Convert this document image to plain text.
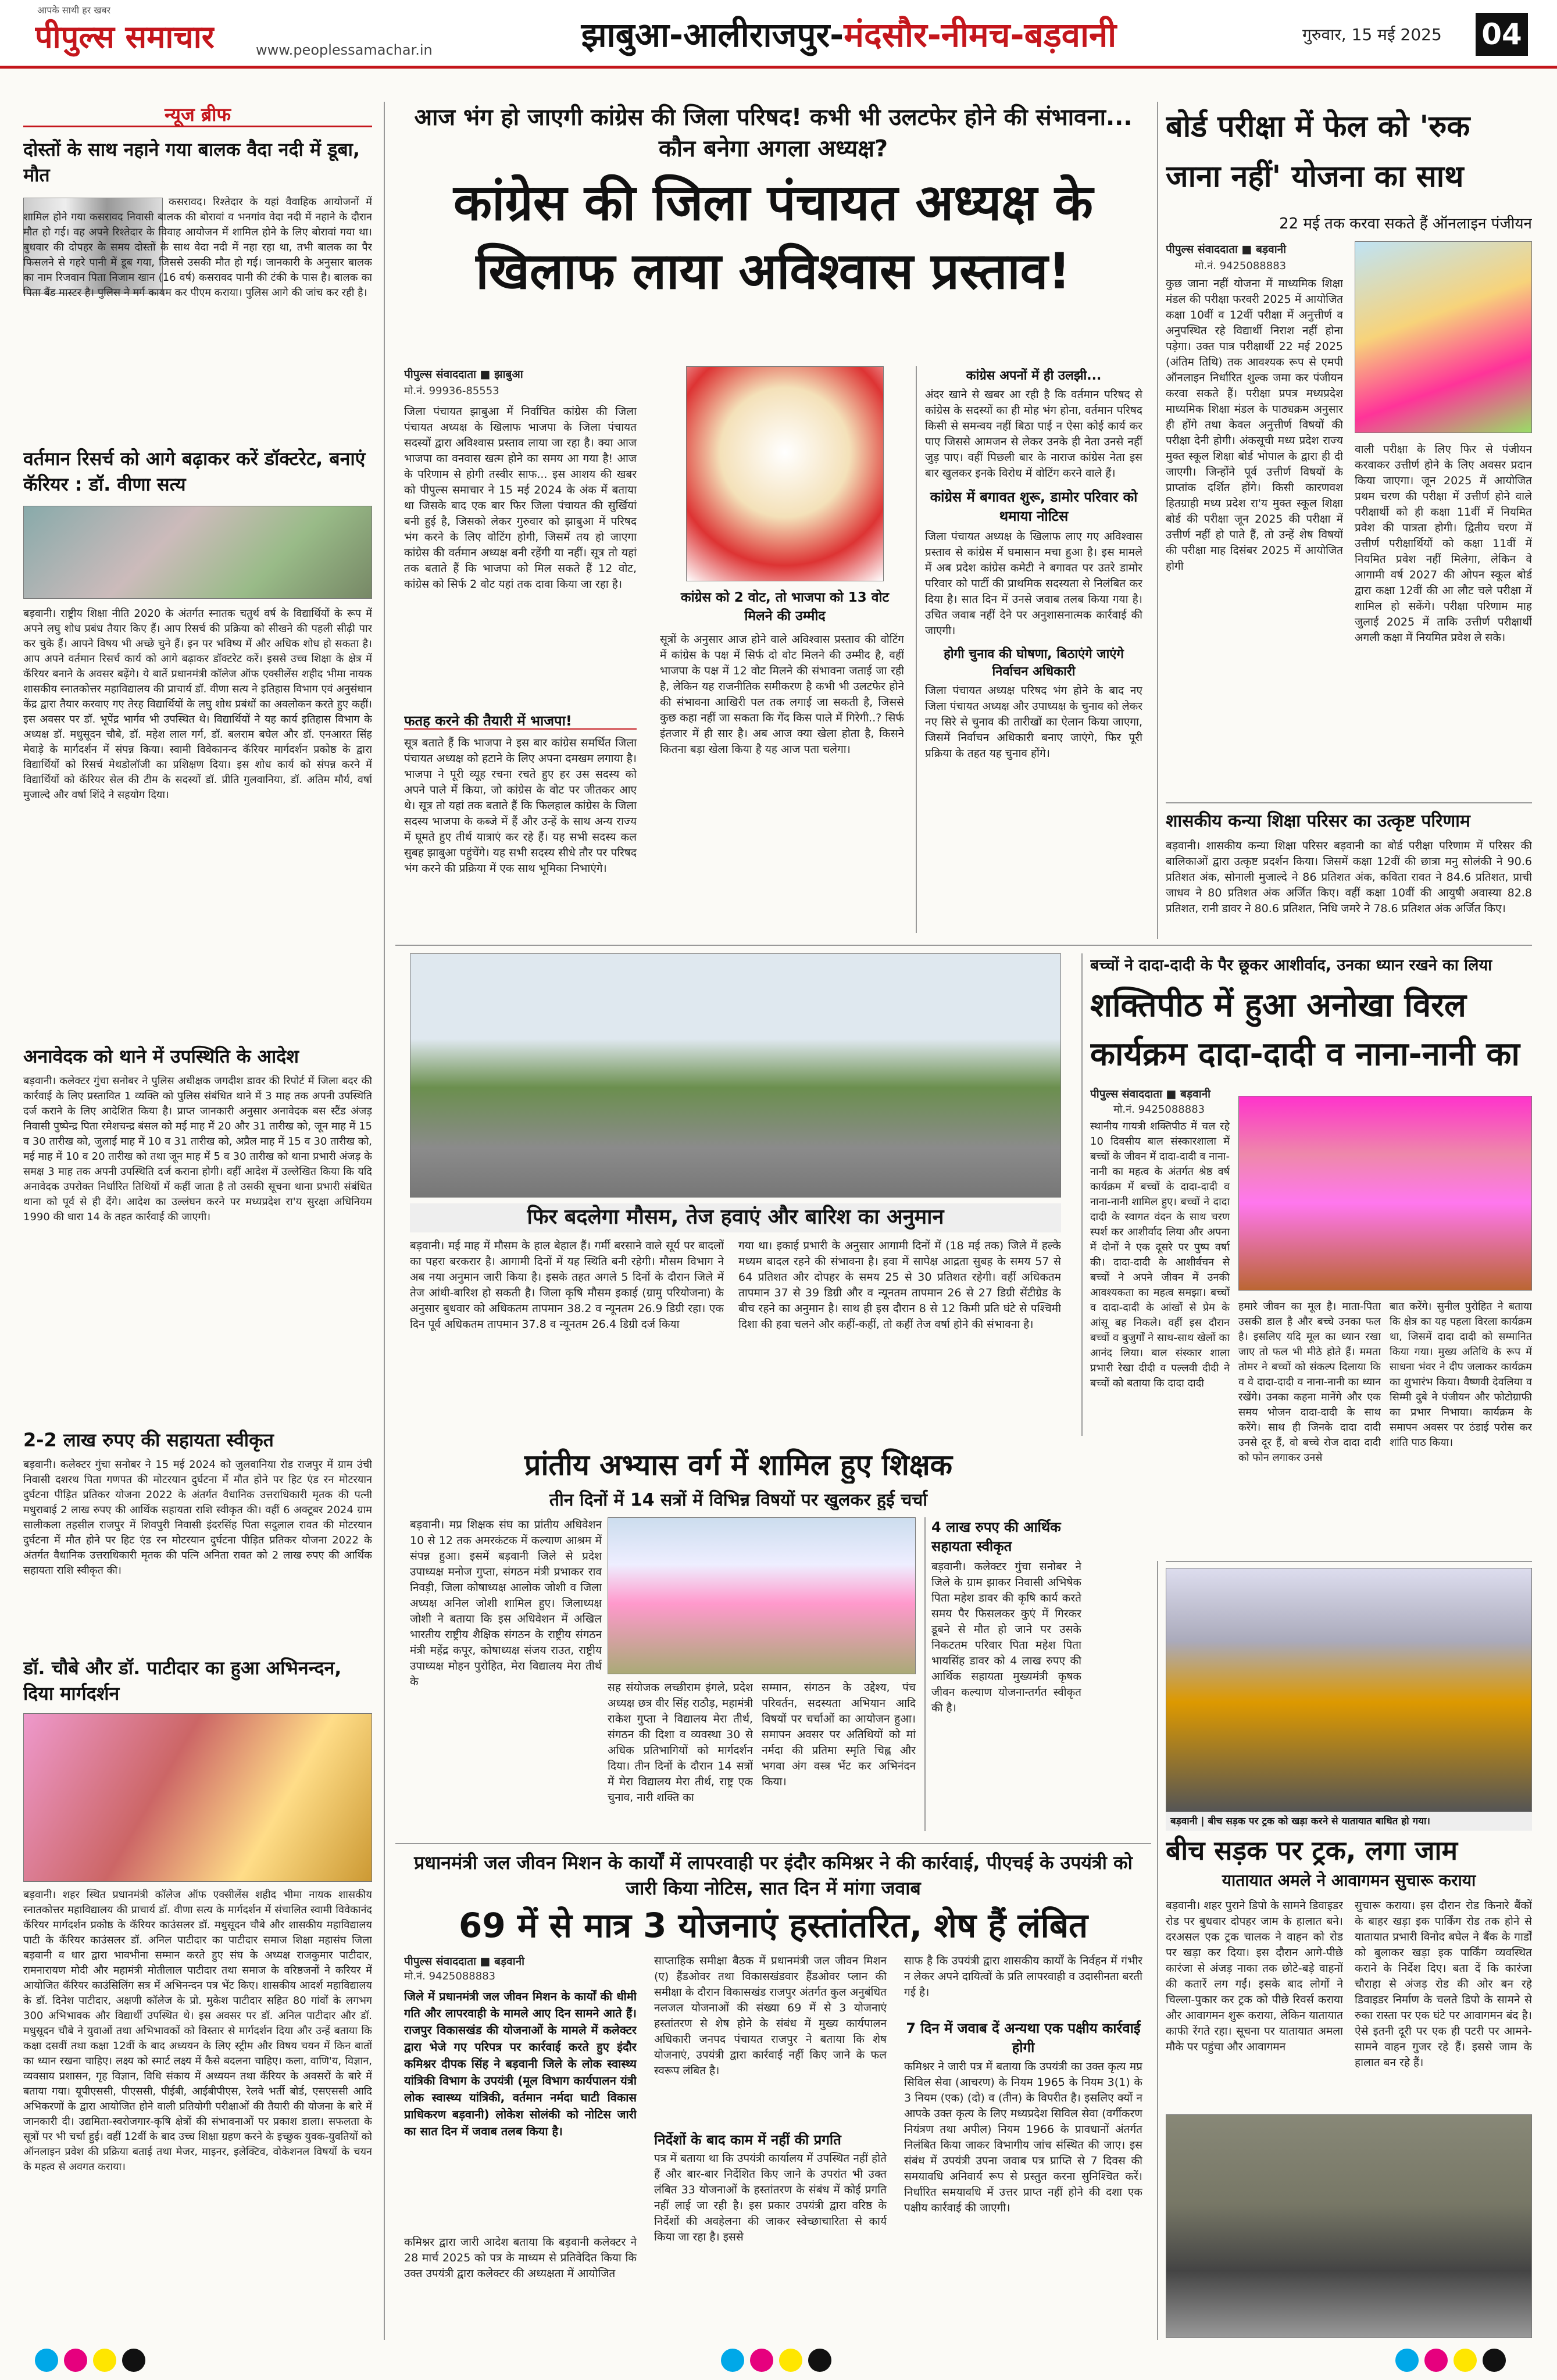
आपके साथी हर खबर
पीपुल्स समाचार	www.peoplessamachar.in	झाबुआ-आलीराजपुर-मंदसौर-नीमच-बड़वानी	गुरुवार, 15 मई 2025 04
न्यूज ब्रीफ
दोस्तों के साथ नहाने गया बालक वैदा नदी में डूबा, मौत
कसरावद। रिश्तेदार के यहां वैवाहिक आयोजनों में शामिल होने गया कसरावद निवासी बालक की बोरावां व भनगांव वेदा नदी में नहाने के दौरान मौत हो गई। वह अपने रिश्तेदार के विवाह आयोजन में शामिल होने के लिए बोरावां गया था। बुधवार की दोपहर के समय दोस्तों के साथ वेदा नदी में नहा रहा था, तभी बालक का पैर फिसलने से गहरे पानी में डूब गया, जिससे उसकी मौत हो गई। जानकारी के अनुसार बालक का नाम रिजवान पिता निजाम खान (16 वर्ष) कसरावद पानी की टंकी के पास है। बालक का पिता बैंड मास्टर है। पुलिस ने मर्ग कायम कर पीएम कराया। पुलिस आगे की जांच कर रही है।
वर्तमान रिसर्च को आगे बढ़ाकर करें डॉक्टरेट, बनाएं कॅरियर : डॉ. वीणा सत्य
बड़वानी। राष्ट्रीय शिक्षा नीति 2020 के अंतर्गत स्नातक चतुर्थ वर्ष के विद्यार्थियों के रूप में अपने लघु शोध प्रबंध तैयार किए हैं। आप रिसर्च की प्रक्रिया को सीखने की पहली सीढ़ी पार कर चुके हैं। आपने विषय भी अच्छे चुने हैं। इन पर भविष्य में और अधिक शोध हो सकता है। आप अपने वर्तमान रिसर्च कार्य को आगे बढ़ाकर डॉक्टरेट करें। इससे उच्च शिक्षा के क्षेत्र में कॅरियर बनाने के अवसर बढ़ेंगे। ये बातें प्रधानमंत्री कॉलेज ऑफ एक्सीलेंस शहीद भीमा नायक शासकीय स्नातकोत्तर महाविद्यालय की प्राचार्य डॉ. वीणा सत्य ने इतिहास विभाग एवं अनुसंधान केंद्र द्वारा तैयार करवाए गए तेरह विद्यार्थियों के लघु शोध प्रबंधों का अवलोकन करते हुए कहीं। इस अवसर पर डॉ. भूपेंद्र भार्गव भी उपस्थित थे। विद्यार्थियों ने यह कार्य इतिहास विभाग के अध्यक्ष डॉ. मधुसूदन चौबे, डॉ. महेश लाल गर्ग, डॉ. बलराम बघेल और डॉ. एनआरत सिंह मेवाड़े के मार्गदर्शन में संपन्न किया। स्वामी विवेकानन्द कॅरियर मार्गदर्शन प्रकोष्ठ के द्वारा विद्यार्थियों को रिसर्च मेथडोलॉजी का प्रशिक्षण दिया। इस शोध कार्य को संपन्न करने में विद्यार्थियों को कॅरियर सेल की टीम के सदस्यों डॉ. प्रीति गुलवानिया, डॉ. अतिम मौर्य, वर्षा मुजाल्दे और वर्षा शिंदे ने सहयोग दिया।
अनावेदक को थाने में उपस्थिति के आदेश
बड़वानी। कलेक्टर गुंचा सनोबर ने पुलिस अधीक्षक जगदीश डावर की रिपोर्ट में जिला बदर की कार्रवाई के लिए प्रस्तावित 1 व्यक्ति को पुलिस संबंधित थाने में 3 माह तक अपनी उपस्थिति दर्ज कराने के लिए आदेशित किया है। प्राप्त जानकारी अनुसार अनावेदक बस स्टैंड अंजड़ निवासी पुष्पेन्द्र पिता रमेशचन्द्र बंसल को मई माह में 20 और 31 तारीख को, जून माह में 15 व 30 तारीख को, जुलाई माह में 10 व 31 तारीख को, अप्रैल माह में 15 व 30 तारीख को, मई माह में 10 व 20 तारीख को तथा जून माह में 5 व 30 तारीख को थाना प्रभारी अंजड़ के समक्ष 3 माह तक अपनी उपस्थिति दर्ज कराना होगी। वहीं आदेश में उल्लेखित किया कि यदि अनावेदक उपरोक्त निर्धारित तिथियों में कहीं जाता है तो उसकी सूचना थाना प्रभारी संबंधित थाना को पूर्व से ही देंगे। आदेश का उल्लंघन करने पर मध्यप्रदेश रा'य सुरक्षा अधिनियम 1990 की धारा 14 के तहत कार्रवाई की जाएगी।
2-2 लाख रुपए की सहायता स्वीकृत
बड़वानी। कलेक्टर गुंचा सनोबर ने 15 मई 2024 को जुलवानिया रोड राजपुर में ग्राम उंची निवासी दशरथ पिता गणपत की मोटरयान दुर्घटना में मौत होने पर हिट एंड रन मोटरयान दुर्घटना पीड़ित प्रतिकर योजना 2022 के अंतर्गत वैधानिक उत्तराधिकारी मृतक की पत्नी मधुराबाई 2 लाख रुपए की आर्थिक सहायता राशि स्वीकृत की। वहीं 6 अक्टूबर 2024 ग्राम सालीकला तहसील राजपुर में शिवपुरी निवासी इंदरसिंह पिता सदुलाल रावत की मोटरयान दुर्घटना में मौत होने पर हिट एंड रन मोटरयान दुर्घटना पीड़ित प्रतिकर योजना 2022 के अंतर्गत वैधानिक उत्तराधिकारी मृतक की पत्नि अनिता रावत को 2 लाख रुपए की आर्थिक सहायता राशि स्वीकृत की।
डॉ. चौबे और डॉ. पाटीदार का हुआ अभिनन्दन, दिया मार्गदर्शन
बड़वानी। शहर स्थित प्रधानमंत्री कॉलेज ऑफ एक्सीलेंस शहीद भीमा नायक शासकीय स्नातकोत्तर महाविद्यालय की प्राचार्य डॉ. वीणा सत्य के मार्गदर्शन में संचालित स्वामी विवेकानंद कॅरियर मार्गदर्शन प्रकोष्ठ के कॅरियर काउंसलर डॉ. मधुसूदन चौबे और शासकीय महाविद्यालय पाटी के कॅरियर काउंसलर डॉ. अनिल पाटीदार का पाटीदार समाज शिक्षा महासंघ जिला बड़वानी व धार द्वारा भावभीना सम्मान करते हुए संघ के अध्यक्ष राजकुमार पाटीदार, रामनारायण मोदी और महामंत्री मोतीलाल पाटीदार तथा समाज के वरिष्ठजनों ने करियर में आयोजित कॅरियर काउंसिलिंग सत्र में अभिनन्दन पत्र भेंट किए। शासकीय आदर्श महाविद्यालय के डॉ. दिनेश पाटीदार, अक्षणी कॉलेज के प्रो. मुकेश पाटीदार सहित 80 गांवों के लगभग 300 अभिभावक और विद्यार्थी उपस्थित थे। इस अवसर पर डॉ. अनिल पाटीदार और डॉ. मधुसूदन चौबे ने युवाओं तथा अभिभावकों को विस्तार से मार्गदर्शन दिया और उन्हें बताया कि कक्षा दसवीं तथा कक्षा 12वीं के बाद अध्ययन के लिए स्ट्रीम और विषय चयन में किन बातों का ध्यान रखना चाहिए। लक्ष्य को स्मार्ट लक्ष्य में कैसे बदलना चाहिए। कला, वाणि'य, विज्ञान, व्यवसाय प्रशासन, गृह विज्ञान, विधि संकाय में अध्ययन तथा कॅरियर के अवसरों के बारे में बताया गया। यूपीएससी, पीएससी, पीईबी, आईबीपीएस, रेलवे भर्ती बोर्ड, एसएससी आदि अभिकरणों के द्वारा आयोजित होने वाली प्रतियोगी परीक्षाओं की तैयारी की योजना के बारे में जानकारी दी। उद्यमिता-स्वरोजगार-कृषि क्षेत्रों की संभावनाओं पर प्रकाश डाला। सफलता के सूत्रों पर भी चर्चा हुई। वहीं 12वीं के बाद उच्च शिक्षा ग्रहण करने के इच्छुक युवक-युवतियों को ऑनलाइन प्रवेश की प्रक्रिया बताई तथा मेजर, माइनर, इलेक्टिव, वोकेशनल विषयों के चयन के महत्व से अवगत कराया।
आज भंग हो जाएगी कांग्रेस की जिला परिषद! कभी भी उलटफेर होने की संभावना... कौन बनेगा अगला अध्यक्ष?
कांग्रेस की जिला पंचायत अध्यक्ष के खिलाफ लाया अविश्वास प्रस्ताव!
पीपुल्स संवाददाता ■ झाबुआ
मो.नं. 99936-85553
जिला पंचायत झाबुआ में निर्वाचित कांग्रेस की जिला पंचायत अध्यक्ष के खिलाफ भाजपा के जिला पंचायत सदस्यों द्वारा अविश्वास प्रस्ताव लाया जा रहा है। क्या आज भाजपा का वनवास खत्म होने का समय आ गया है! आज के परिणाम से होगी तस्वीर साफ... इस आशय की खबर को पीपुल्स समाचार ने 15 मई 2024 के अंक में बताया था जिसके बाद एक बार फिर जिला पंचायत की सुर्खियां बनी हुई है, जिसको लेकर गुरुवार को झाबुआ में परिषद भंग करने के लिए वोटिंग होगी, जिसमें तय हो जाएगा कांग्रेस की वर्तमान अध्यक्ष बनी रहेंगी या नहीं। सूत्र तो यहां तक बताते हैं कि भाजपा को मिल सकते हैं 12 वोट, कांग्रेस को सिर्फ 2 वोट यहां तक दावा किया जा रहा है।
फतह करने की तैयारी में भाजपा!
सूत्र बताते हैं कि भाजपा ने इस बार कांग्रेस समर्थित जिला पंचायत अध्यक्ष को हटाने के लिए अपना दमखम लगाया है। भाजपा ने पूरी व्यूह रचना रचते हुए हर उस सदस्य को अपने पाले में किया, जो कांग्रेस के वोट पर जीतकर आए थे। सूत्र तो यहां तक बताते हैं कि फिलहाल कांग्रेस के जिला सदस्य भाजपा के कब्जे में हैं और उन्हें के साथ अन्य राज्य में घूमते हुए तीर्थ यात्राएं कर रहे हैं। यह सभी सदस्य कल सुबह झाबुआ पहुंचेंगे। यह सभी सदस्य सीधे तौर पर परिषद भंग करने की प्रक्रिया में एक साथ भूमिका निभाएंगे।
कांग्रेस को 2 वोट, तो भाजपा को 13 वोट मिलने की उम्मीद
सूत्रों के अनुसार आज होने वाले अविश्वास प्रस्ताव की वोटिंग में कांग्रेस के पक्ष में सिर्फ दो वोट मिलने की उम्मीद है, वहीं भाजपा के पक्ष में 12 वोट मिलने की संभावना जताई जा रही है, लेकिन यह राजनीतिक समीकरण है कभी भी उलटफेर होने की संभावना आखिरी पल तक लगाई जा सकती है, जिससे कुछ कहा नहीं जा सकता कि गेंद किस पाले में गिरेगी..? सिर्फ इंतजार में ही सार है। अब आज क्या खेला होता है, किसने कितना बड़ा खेला किया है यह आज पता चलेगा।
कांग्रेस अपनों में ही उलझी...
अंदर खाने से खबर आ रही है कि वर्तमान परिषद से कांग्रेस के सदस्यों का ही मोह भंग होना, वर्तमान परिषद किसी से समन्वय नहीं बिठा पाई न ऐसा कोई कार्य कर पाए जिससे आमजन से लेकर उनके ही नेता उनसे नहीं जुड़ पाए। वहीं पिछली बार के नाराज कांग्रेस नेता इस बार खुलकर इनके विरोध में वोटिंग करने वाले हैं।
कांग्रेस में बगावत शुरू, डामोर परिवार को थमाया नोटिस
जिला पंचायत अध्यक्ष के खिलाफ लाए गए अविश्वास प्रस्ताव से कांग्रेस में घमासान मचा हुआ है। इस मामले में अब प्रदेश कांग्रेस कमेटी ने बगावत पर उतरे डामोर परिवार को पार्टी की प्राथमिक सदस्यता से निलंबित कर दिया है। सात दिन में उनसे जवाब तलब किया गया है। उचित जवाब नहीं देने पर अनुशासनात्मक कार्रवाई की जाएगी।
होगी चुनाव की घोषणा, बिठाएंगे जाएंगे निर्वाचन अधिकारी
जिला पंचायत अध्यक्ष परिषद भंग होने के बाद नए जिला पंचायत अध्यक्ष और उपाध्यक्ष के चुनाव को लेकर नए सिरे से चुनाव की तारीखों का ऐलान किया जाएगा, जिसमें निर्वाचन अधिकारी बनाए जाएंगे, फिर पूरी प्रक्रिया के तहत यह चुनाव होंगे।
बोर्ड परीक्षा में फेल को 'रुक जाना नहीं' योजना का साथ
22 मई तक करवा सकते हैं ऑनलाइन पंजीयन
पीपुल्स संवाददाता ■ बड़वानी
मो.नं. 9425088883
कुछ जाना नहीं योजना में माध्यमिक शिक्षा मंडल की परीक्षा फरवरी 2025 में आयोजित कक्षा 10वीं व 12वीं परीक्षा में अनुत्तीर्ण व अनुपस्थित रहे विद्यार्थी निराश नहीं होना पड़ेगा। उक्त पात्र परीक्षार्थी 22 मई 2025 (अंतिम तिथि) तक आवश्यक रूप से एमपी ऑनलाइन निर्धारित शुल्क जमा कर पंजीयन करवा सकते हैं। परीक्षा प्रपत्र मध्यप्रदेश माध्यमिक शिक्षा मंडल के पाठ्यक्रम अनुसार ही होंगे तथा केवल अनुत्तीर्ण विषयों की परीक्षा देनी होगी। अंकसूची मध्य प्रदेश राज्य मुक्त स्कूल शिक्षा बोर्ड भोपाल के द्वारा ही दी जाएगी। जिन्होंने पूर्व उत्तीर्ण विषयों के प्राप्तांक दर्शित होंगे। किसी कारणवश हितग्राही मध्य प्रदेश रा'य मुक्त स्कूल शिक्षा बोर्ड की परीक्षा जून 2025 की परीक्षा में उत्तीर्ण नहीं हो पाते हैं, तो उन्हें शेष विषयों की परीक्षा माह दिसंबर 2025 में आयोजित होगी
वाली परीक्षा के लिए फिर से पंजीयन करवाकर उत्तीर्ण होने के लिए अवसर प्रदान किया जाएगा। जून 2025 में आयोजित प्रथम चरण की परीक्षा में उत्तीर्ण होने वाले परीक्षार्थी को ही कक्षा 11वीं में नियमित प्रवेश की पात्रता होगी। द्वितीय चरण में उत्तीर्ण परीक्षार्थियों को कक्षा 11वीं में नियमित प्रवेश नहीं मिलेगा, लेकिन वे आगामी वर्ष 2027 की ओपन स्कूल बोर्ड द्वारा कक्षा 12वीं की आ लौट चले परीक्षा में शामिल हो सकेंगे। परीक्षा परिणाम माह जुलाई 2025 में ताकि उत्तीर्ण परीक्षार्थी अगली कक्षा में नियमित प्रवेश ले सके।
शासकीय कन्या शिक्षा परिसर का उत्कृष्ट परिणाम
बड़वानी। शासकीय कन्या शिक्षा परिसर बड़वानी का बोर्ड परीक्षा परिणाम में परिसर की बालिकाओं द्वारा उत्कृष्ट प्रदर्शन किया। जिसमें कक्षा 12वीं की छात्रा मनु सोलंकी ने 90.6 प्रतिशत अंक, सोनाली मुजाल्दे ने 86 प्रतिशत अंक, कविता रावत ने 84.6 प्रतिशत, प्राची जाधव ने 80 प्रतिशत अंक अर्जित किए। वहीं कक्षा 10वीं की आयुषी अवास्या 82.8 प्रतिशत, रानी डावर ने 80.6 प्रतिशत, निधि जमरे ने 78.6 प्रतिशत अंक अर्जित किए।
फिर बदलेगा मौसम, तेज हवाएं और बारिश का अनुमान
बड़वानी। मई माह में मौसम के हाल बेहाल हैं। गर्मी बरसाने वाले सूर्य पर बादलों का पहरा बरकरार है। आगामी दिनों में यह स्थिति बनी रहेगी। मौसम विभाग ने अब नया अनुमान जारी किया है। इसके तहत अगले 5 दिनों के दौरान जिले में तेज आंधी-बारिश हो सकती है। जिला कृषि मौसम इकाई (ग्रामु परियोजना) के अनुसार बुधवार को अधिकतम तापमान 38.2 व न्यूनतम 26.9 डिग्री रहा। एक दिन पूर्व अधिकतम तापमान 37.8 व न्यूनतम 26.4 डिग्री दर्ज किया
गया था। इकाई प्रभारी के अनुसार आगामी दिनों में (18 मई तक) जिले में हल्के मध्यम बादल रहने की संभावना है। हवा में सापेक्ष आद्रता सुबह के समय 57 से 64 प्रतिशत और दोपहर के समय 25 से 30 प्रतिशत रहेगी। वहीं अधिकतम तापमान 37 से 39 डिग्री और व न्यूनतम तापमान 26 से 27 डिग्री सेंटीग्रेड के बीच रहने का अनुमान है। साथ ही इस दौरान 8 से 12 किमी प्रति घंटे से पश्चिमी दिशा की हवा चलने और कहीं-कहीं, तो कहीं तेज वर्षा होने की संभावना है।
बच्चों ने दादा-दादी के पैर छूकर आशीर्वाद, उनका ध्यान रखने का लिया
शक्तिपीठ में हुआ अनोखा विरल कार्यक्रम दादा-दादी व नाना-नानी का
पीपुल्स संवाददाता ■ बड़वानी
मो.नं. 9425088883
स्थानीय गायत्री शक्तिपीठ में चल रहे 10 दिवसीय बाल संस्कारशाला में बच्चों के जीवन में दादा-दादी व नाना-नानी का महत्व के अंतर्गत श्रेष्ठ वर्ष कार्यक्रम में बच्चों के दादा-दादी व नाना-नानी शामिल हुए। बच्चों ने दादा दादी के स्वागत वंदन के साथ चरण स्पर्श कर आशीर्वाद लिया और अपना में दोनों ने एक दूसरे पर पुष्प वर्षा की। दादा-दादी के आशीर्वचन से बच्चों ने अपने जीवन में उनकी आवश्यकता का महत्व समझा। बच्चों व दादा-दादी के आंखों से प्रेम के आंसू बह निकले। वहीं इस दौरान बच्चों व बुजुर्गों ने साथ-साथ खेलों का आनंद लिया। बाल संस्कार शाला प्रभारी रेखा दीदी व पल्लवी दीदी ने बच्चों को बताया कि दादा दादी
हमारे जीवन का मूल है। माता-पिता उसकी डाल है और बच्चे उनका फल है। इसलिए यदि मूल का ध्यान रखा जाए तो फल भी मीठे होते हैं। ममता तोमर ने बच्चों को संकल्प दिलाया कि व वे दादा-दादी व नाना-नानी का ध्यान रखेंगे। उनका कहना मानेंगे और एक समय भोजन दादा-दादी के साथ करेंगे। साथ ही जिनके दादा दादी उनसे दूर हैं, वो बच्चे रोज दादा दादी को फोन लगाकर उनसे
बात करेंगे। सुनील पुरोहित ने बताया कि क्षेत्र का यह पहला विरला कार्यक्रम था, जिसमें दादा दादी को सम्मानित किया गया। मुख्य अतिथि के रूप में साधना भंवर ने दीप जलाकर कार्यक्रम का शुभारंभ किया। वैष्णवी देवलिया व सिम्मी दुबे ने पंजीयन और फोटोग्राफी का प्रभार निभाया। कार्यक्रम के समापन अवसर पर ठंडाई परोस कर शांति पाठ किया।
प्रांतीय अभ्यास वर्ग में शामिल हुए शिक्षक
तीन दिनों में 14 सत्रों में विभिन्न विषयों पर खुलकर हुई चर्चा
बड़वानी। मप्र शिक्षक संघ का प्रांतीय अधिवेशन 10 से 12 तक अमरकंटक में कल्याण आश्रम में संपन्न हुआ। इसमें बड़वानी जिले से प्रदेश उपाध्यक्ष मनोज गुप्ता, संगठन मंत्री प्रभाकर राव निवड़ी, जिला कोषाध्यक्ष आलोक जोशी व जिला अध्यक्ष अनिल जोशी शामिल हुए। जिलाध्यक्ष जोशी ने बताया कि इस अधिवेशन में अखिल भारतीय राष्ट्रीय शैक्षिक संगठन के राष्ट्रीय संगठन मंत्री महेंद्र कपूर, कोषाध्यक्ष संजय राउत, राष्ट्रीय उपाध्यक्ष मोहन पुरोहित, मेरा विद्यालय मेरा तीर्थ के	सह संयोजक लच्छीराम इंगले, प्रदेश अध्यक्ष छत्र वीर सिंह राठौड़, महामंत्री राकेश गुप्ता ने विद्यालय मेरा तीर्थ, संगठन की दिशा व व्यवस्था 30 से अधिक प्रतिभागियों को मार्गदर्शन दिया। तीन दिनों के दौरान 14 सत्रों में मेरा विद्यालय मेरा तीर्थ, राष्ट्र एक चुनाव, नारी शक्ति का
सम्मान, संगठन के उद्देश्य, पंच परिवर्तन, सदस्यता अभियान आदि विषयों पर चर्चाओं का आयोजन हुआ। समापन अवसर पर अतिथियों को मां नर्मदा की प्रतिमा स्मृति चिह्न और भगवा अंग वस्त्र भेंट कर अभिनंदन किया।
4 लाख रुपए की आर्थिक सहायता स्वीकृत
बड़वानी। कलेक्टर गुंचा सनोबर ने जिले के ग्राम झाकर निवासी अभिषेक पिता महेश डावर की कृषि कार्य करते समय पैर फिसलकर कुएं में गिरकर डूबने से मौत हो जाने पर उसके निकटतम परिवार पिता महेश पिता भायसिंह डावर को 4 लाख रुपए की आर्थिक सहायता मुख्यमंत्री कृषक जीवन कल्याण योजनान्तर्गत स्वीकृत की है।
बड़वानी | बीच सड़क पर ट्रक को खड़ा करने से यातायात बाधित हो गया।
बीच सड़क पर ट्रक, लगा जाम
यातायात अमले ने आवागमन सुचारू कराया
बड़वानी। शहर पुराने डिपो के सामने डिवाइडर रोड पर बुधवार दोपहर जाम के हालात बने। दरअसल एक ट्रक चालक ने वाहन को रोड पर खड़ा कर दिया। इस दौरान आगे-पीछे कारंजा से अंजड़ नाका तक छोटे-बड़े वाहनों की कतारें लग गईं। इसके बाद लोगों ने चिल्ला-पुकार कर ट्रक को पीछे रिवर्स कराया और आवागमन शुरू कराया, लेकिन यातायात काफी रेंगते रहा। सूचना पर यातायात अमला मौके पर पहुंचा और आवागमन
सुचारू कराया। इस दौरान रोड किनारे बैंकों के बाहर खड़ा इक पार्किंग रोड तक होने से यातायात प्रभारी विनोद बघेल ने बैंक के गार्डों को बुलाकर खड़ा इक पार्किंग व्यवस्थित कराने के निर्देश दिए। बता दें कि कारंजा चौराहा से अंजड़ रोड की ओर बन रहे डिवाइडर निर्माण के चलते डिपो के सामने से रुका रास्ता पर एक घंटे पर आवागमन बंद है। ऐसे इतनी दूरी पर एक ही पटरी पर आमने-सामने वाहन गुजर रहे हैं। इससे जाम के हालात बन रहे हैं।
प्रधानमंत्री जल जीवन मिशन के कार्यों में लापरवाही पर इंदौर कमिश्नर ने की कार्रवाई, पीएचई के उपयंत्री को जारी किया नोटिस, सात दिन में मांगा जवाब
69 में से मात्र 3 योजनाएं हस्तांतरित, शेष हैं लंबित
पीपुल्स संवाददाता ■ बड़वानी
मो.नं. 9425088883
जिले में प्रधानमंत्री जल जीवन मिशन के कार्यों की धीमी गति और लापरवाही के मामले आए दिन सामने आते हैं। राजपुर विकासखंड की योजनाओं के मामले में कलेक्टर द्वारा भेजे गए परिपत्र पर कार्रवाई करते हुए इंदौर कमिश्नर दीपक सिंह ने बड़वानी जिले के लोक स्वास्थ्य यांत्रिकी विभाग के उपयंत्री (मूल विभाग कार्यपालन यंत्री लोक स्वास्थ्य यांत्रिकी, वर्तमान नर्मदा घाटी विकास प्राधिकरण बड़वानी) लोकेश सोलंकी को नोटिस जारी का सात दिन में जवाब तलब किया है।
कमिश्नर द्वारा जारी आदेश बताया कि बड़वानी कलेक्टर ने 28 मार्च 2025 को पत्र के माध्यम से प्रतिवेदित किया कि उक्त उपयंत्री द्वारा कलेक्टर की अध्यक्षता में आयोजित
साप्ताहिक समीक्षा बैठक में प्रधानमंत्री जल जीवन मिशन (ए) हैंडओवर तथा विकासखंडवार हैंडओवर प्लान की समीक्षा के दौरान विकासखंड राजपुर अंतर्गत कुल अनुबंधित नलजल योजनाओं की संख्या 69 में से 3 योजनाएं हस्तांतरण से शेष होने के संबंध में मुख्य कार्यपालन अधिकारी जनपद पंचायत राजपुर ने बताया कि शेष योजनाएं, उपयंत्री द्वारा कार्रवाई नहीं किए जाने के फल स्वरूप लंबित है।
निर्देशों के बाद काम में नहीं की प्रगति
पत्र में बताया था कि उपयंत्री कार्यालय में उपस्थित नहीं होते हैं और बार-बार निर्देशित किए जाने के उपरांत भी उक्त लंबित 33 योजनाओं के हस्तांतरण के संबंध में कोई प्रगति नहीं लाई जा रही है। इस प्रकार उपयंत्री द्वारा वरिष्ठ के निर्देशों की अवहेलना की जाकर स्वेच्छाचारिता से कार्य किया जा रहा है। इससे
साफ है कि उपयंत्री द्वारा शासकीय कार्यों के निर्वहन में गंभीर न लेकर अपने दायित्वों के प्रति लापरवाही व उदासीनता बरती गई है।
7 दिन में जवाब दें अन्यथा एक पक्षीय कार्रवाई होगी
कमिश्नर ने जारी पत्र में बताया कि उपयंत्री का उक्त कृत्य मप्र सिविल सेवा (आचरण) के नियम 1965 के नियम 3(1) के 3 नियम (एक) (दो) व (तीन) के विपरीत है। इसलिए क्यों न आपके उक्त कृत्य के लिए मध्यप्रदेश सिविल सेवा (वर्गीकरण नियंत्रण तथा अपील) नियम 1966 के प्रावधानों अंतर्गत निलंबित किया जाकर विभागीय जांच संस्थित की जाए। इस संबंध में उपयंत्री उपना जवाब पत्र प्राप्ति से 7 दिवस की समयावधि अनिवार्य रूप से प्रस्तुत करना सुनिश्चित करें। निर्धारित समयावधि में उत्तर प्राप्त नहीं होने की दशा एक पक्षीय कार्रवाई की जाएगी।
